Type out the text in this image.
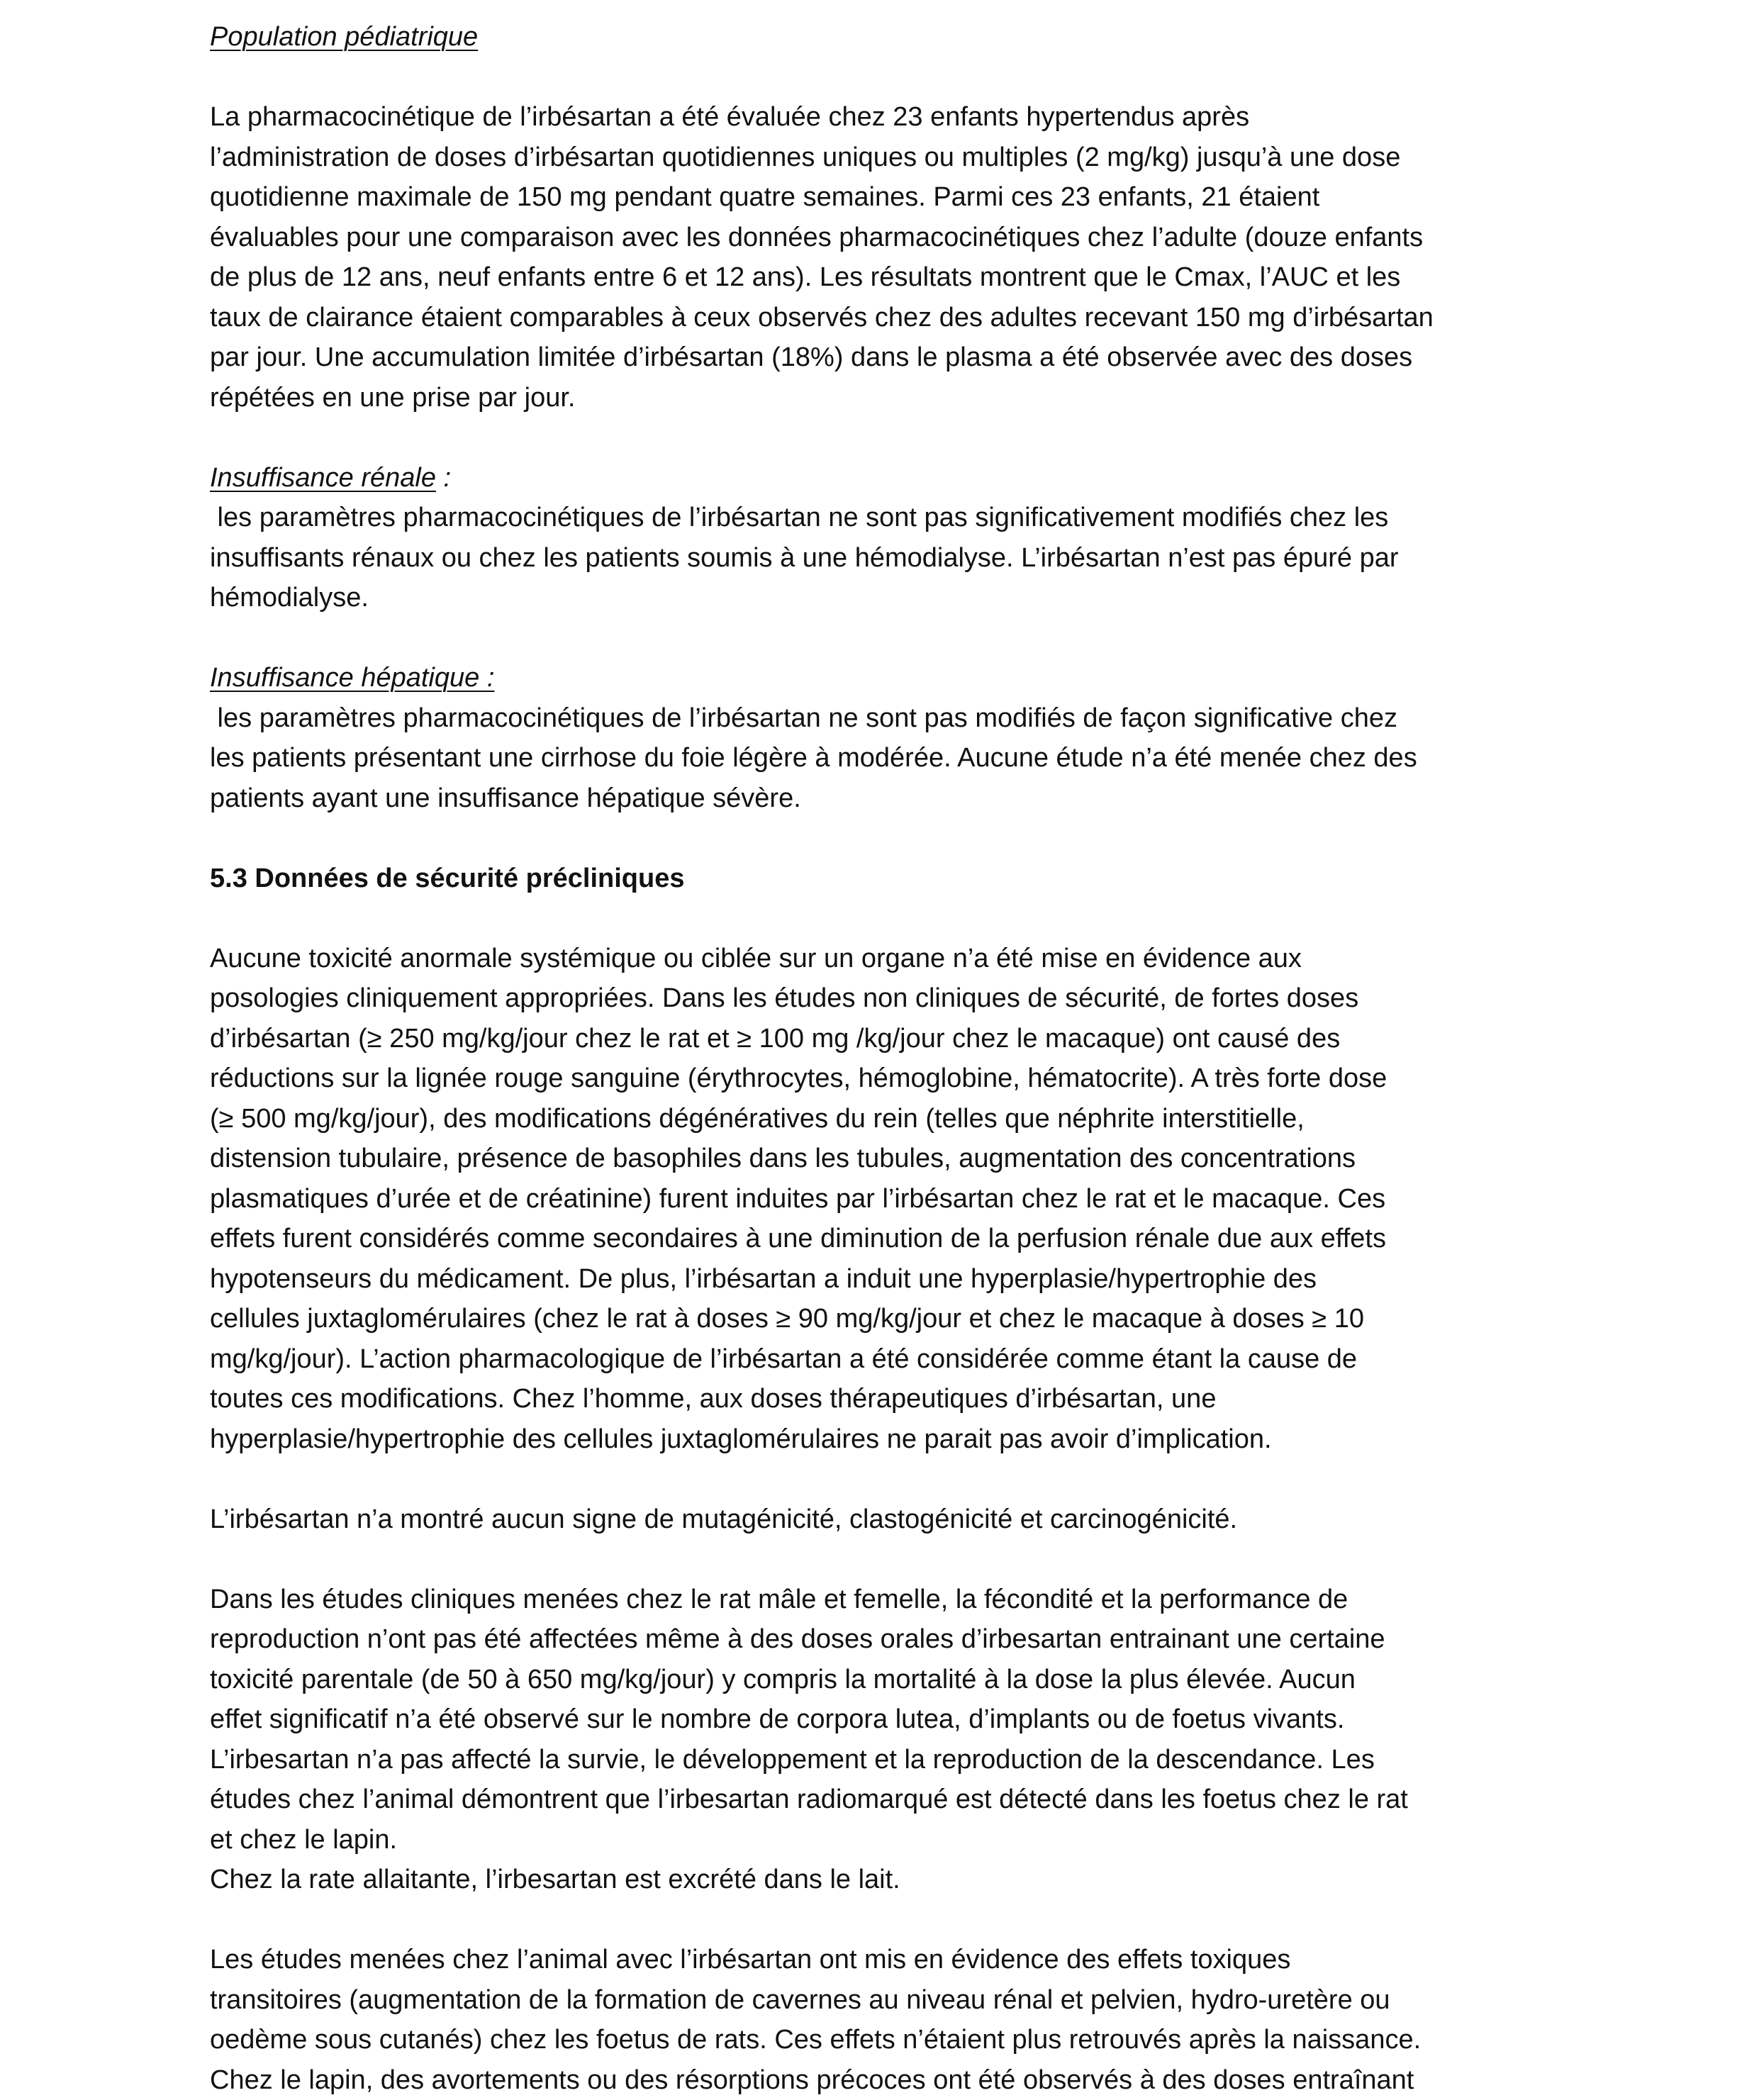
Population pédiatrique
La pharmacocinétique de l’irbésartan a été évaluée chez 23 enfants hypertendus après
l’administration de doses d’irbésartan quotidiennes uniques ou multiples (2 mg/kg) jusqu’à une dose
quotidienne maximale de 150 mg pendant quatre semaines. Parmi ces 23 enfants, 21 étaient
évaluables pour une comparaison avec les données pharmacocinétiques chez l’adulte (douze enfants
de plus de 12 ans, neuf enfants entre 6 et 12 ans). Les résultats montrent que le Cmax, l’AUC et les
taux de clairance étaient comparables à ceux observés chez des adultes recevant 150 mg d’irbésartan
par jour. Une accumulation limitée d’irbésartan (18%) dans le plasma a été observée avec des doses
répétées en une prise par jour.
Insuffisance rénale :
les paramètres pharmacocinétiques de l’irbésartan ne sont pas significativement modifiés chez les
insuffisants rénaux ou chez les patients soumis à une hémodialyse. L’irbésartan n’est pas épuré par
hémodialyse.
Insuffisance hépatique :
les paramètres pharmacocinétiques de l’irbésartan ne sont pas modifiés de façon significative chez
les patients présentant une cirrhose du foie légère à modérée. Aucune étude n’a été menée chez des
patients ayant une insuffisance hépatique sévère.
5.3 Données de sécurité précliniques
Aucune toxicité anormale systémique ou ciblée sur un organe n’a été mise en évidence aux
posologies cliniquement appropriées. Dans les études non cliniques de sécurité, de fortes doses
d’irbésartan (≥ 250 mg/kg/jour chez le rat et ≥ 100 mg /kg/jour chez le macaque) ont causé des
réductions sur la lignée rouge sanguine (érythrocytes, hémoglobine, hématocrite). A très forte dose
(≥ 500 mg/kg/jour), des modifications dégénératives du rein (telles que néphrite interstitielle,
distension tubulaire, présence de basophiles dans les tubules, augmentation des concentrations
plasmatiques d’urée et de créatinine) furent induites par l’irbésartan chez le rat et le macaque. Ces
effets furent considérés comme secondaires à une diminution de la perfusion rénale due aux effets
hypotenseurs du médicament. De plus, l’irbésartan a induit une hyperplasie/hypertrophie des
cellules juxtaglomérulaires (chez le rat à doses ≥ 90 mg/kg/jour et chez le macaque à doses ≥ 10
mg/kg/jour). L’action pharmacologique de l’irbésartan a été considérée comme étant la cause de
toutes ces modifications. Chez l’homme, aux doses thérapeutiques d’irbésartan, une
hyperplasie/hypertrophie des cellules juxtaglomérulaires ne parait pas avoir d’implication.
L’irbésartan n’a montré aucun signe de mutagénicité, clastogénicité et carcinogénicité.
Dans les études cliniques menées chez le rat mâle et femelle, la fécondité et la performance de
reproduction n’ont pas été affectées même à des doses orales d’irbesartan entrainant une certaine
toxicité parentale (de 50 à 650 mg/kg/jour) y compris la mortalité à la dose la plus élevée. Aucun
effet significatif n’a été observé sur le nombre de corpora lutea, d’implants ou de foetus vivants.
L’irbesartan n’a pas affecté la survie, le développement et la reproduction de la descendance. Les
études chez l’animal démontrent que l’irbesartan radiomarqué est détecté dans les foetus chez le rat
et chez le lapin.
Chez la rate allaitante, l’irbesartan est excrété dans le lait.
Les études menées chez l’animal avec l’irbésartan ont mis en évidence des effets toxiques
transitoires (augmentation de la formation de cavernes au niveau rénal et pelvien, hydro-uretère ou
oedème sous cutanés) chez les foetus de rats. Ces effets n’étaient plus retrouvés après la naissance.
Chez le lapin, des avortements ou des résorptions précoces ont été observés à des doses entraînant
